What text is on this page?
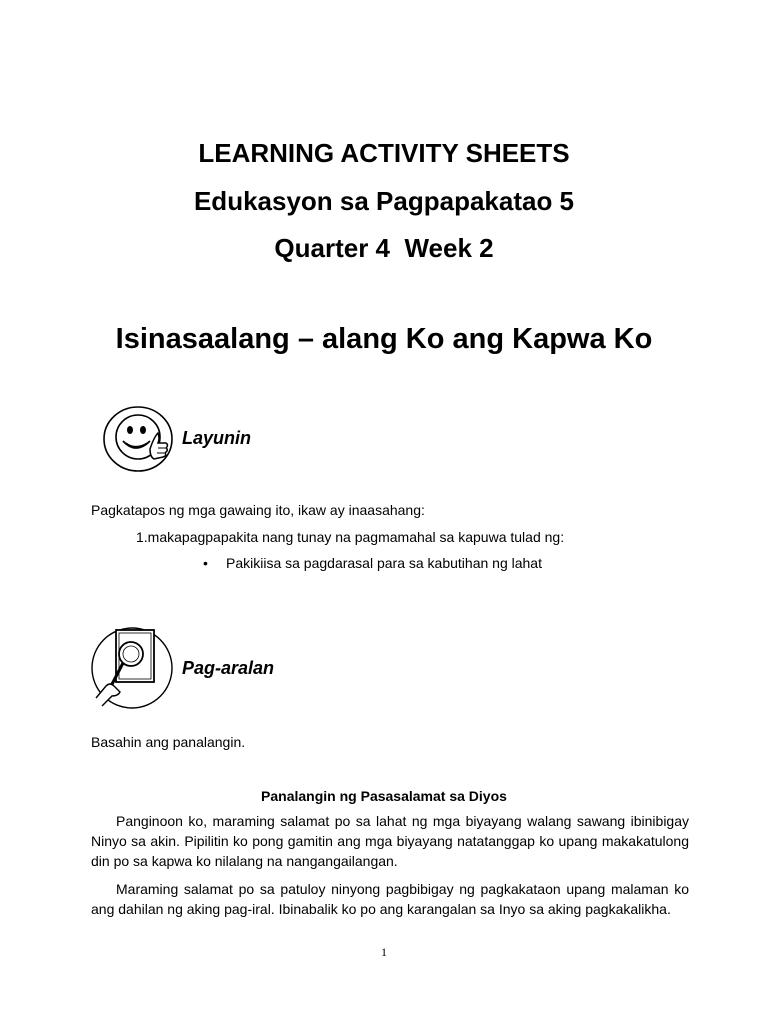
LEARNING ACTIVITY SHEETS
Edukasyon sa Pagpapakatao 5
Quarter 4  Week 2
Isinasaalang – alang Ko ang Kapwa Ko
Layunin
Pagkatapos ng mga gawaing ito, ikaw ay inaasahang:
1.makapagpapakita nang tunay na pagmamahal sa kapuwa tulad ng:
• Pakikiisa sa pagdarasal para sa kabutihan ng lahat
Pag-aralan
Basahin ang panalangin.
Panalangin ng Pasasalamat sa Diyos
Panginoon ko, maraming salamat po sa lahat ng mga biyayang walang sawang ibinibigay Ninyo sa akin. Pipilitin ko pong gamitin ang mga biyayang natatanggap ko upang makakatulong din po sa kapwa ko nilalang na nangangailangan.
Maraming salamat po sa patuloy ninyong pagbibigay ng pagkakataon upang malaman ko ang dahilan ng aking pag-iral. Ibinabalik ko po ang karangalan sa Inyo sa aking pagkakalikha.
1
